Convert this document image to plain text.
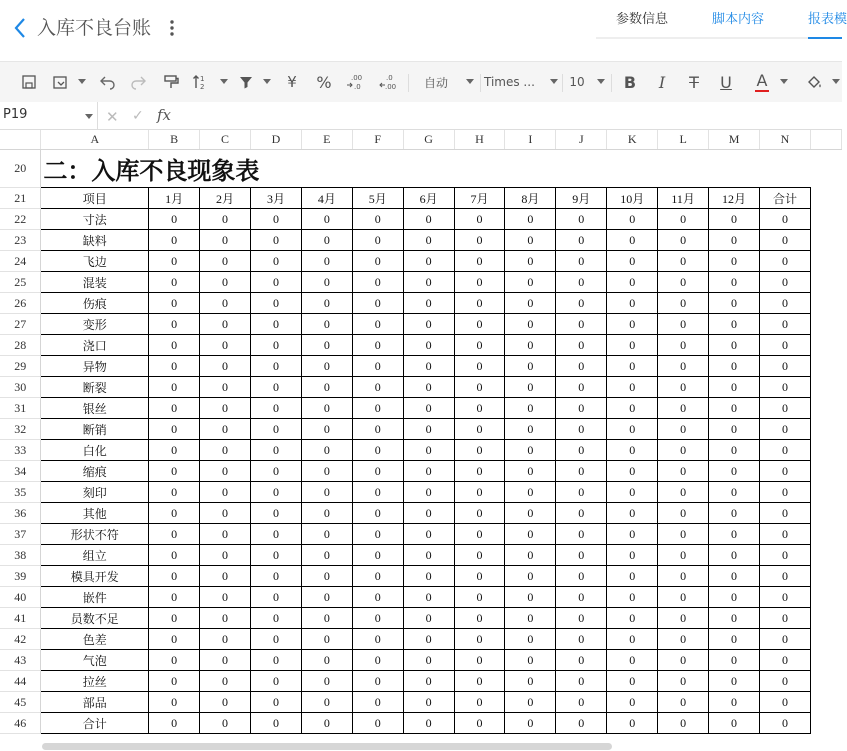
入库不良台账	参数信息	脚本内容	报表模
1
2	¥	%	.00
.0
.0
.00	自动	Times ...	10 B	I	T	U A
P19	✕ ✓ fx
	A	B	C	D	E	F	G	H	I	J	K	L	M	N	
20	二：入库不良现象表														
21	项目	1月	2月	3月	4月	5月	6月	7月	8月	9月	10月	11月	12月	合计	
22	寸法	0	0	0	0	0	0	0	0	0	0	0	0	0	
23	缺料	0	0	0	0	0	0	0	0	0	0	0	0	0	
24	飞边	0	0	0	0	0	0	0	0	0	0	0	0	0	
25	混装	0	0	0	0	0	0	0	0	0	0	0	0	0	
26	伤痕	0	0	0	0	0	0	0	0	0	0	0	0	0	
27	变形	0	0	0	0	0	0	0	0	0	0	0	0	0	
28	浇口	0	0	0	0	0	0	0	0	0	0	0	0	0	
29	异物	0	0	0	0	0	0	0	0	0	0	0	0	0	
30	断裂	0	0	0	0	0	0	0	0	0	0	0	0	0	
31	银丝	0	0	0	0	0	0	0	0	0	0	0	0	0	
32	断销	0	0	0	0	0	0	0	0	0	0	0	0	0	
33	白化	0	0	0	0	0	0	0	0	0	0	0	0	0	
34	缩痕	0	0	0	0	0	0	0	0	0	0	0	0	0	
35	刻印	0	0	0	0	0	0	0	0	0	0	0	0	0	
36	其他	0	0	0	0	0	0	0	0	0	0	0	0	0	
37	形状不符	0	0	0	0	0	0	0	0	0	0	0	0	0	
38	组立	0	0	0	0	0	0	0	0	0	0	0	0	0	
39	模具开发	0	0	0	0	0	0	0	0	0	0	0	0	0	
40	嵌件	0	0	0	0	0	0	0	0	0	0	0	0	0	
41	员数不足	0	0	0	0	0	0	0	0	0	0	0	0	0	
42	色差	0	0	0	0	0	0	0	0	0	0	0	0	0	
43	气泡	0	0	0	0	0	0	0	0	0	0	0	0	0	
44	拉丝	0	0	0	0	0	0	0	0	0	0	0	0	0	
45	部品	0	0	0	0	0	0	0	0	0	0	0	0	0	
46	合计	0	0	0	0	0	0	0	0	0	0	0	0	0	
